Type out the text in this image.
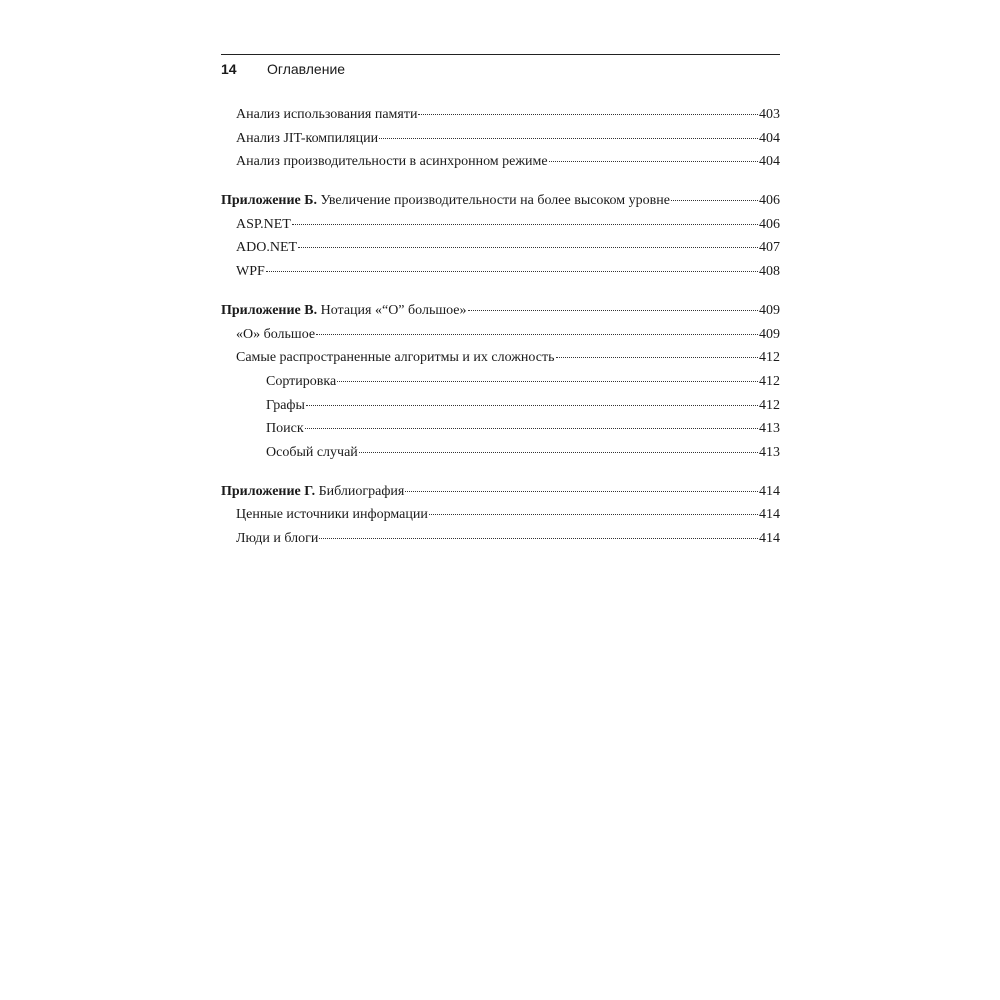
14 Оглавление
Анализ использования памяти	403
Анализ JIT-компиляции	404
Анализ производительности в асинхронном режиме	404
Приложение Б. Увеличение производительности на более высоком уровне	406
ASP.NET	406
ADO.NET	407
WPF	408
Приложение В. Нотация «“O” большое»	409
«O» большое	409
Самые распространенные алгоритмы и их сложность	412
Сортировка	412
Графы	412
Поиск	413
Особый случай	413
Приложение Г. Библиография	414
Ценные источники информации	414
Люди и блоги	414
